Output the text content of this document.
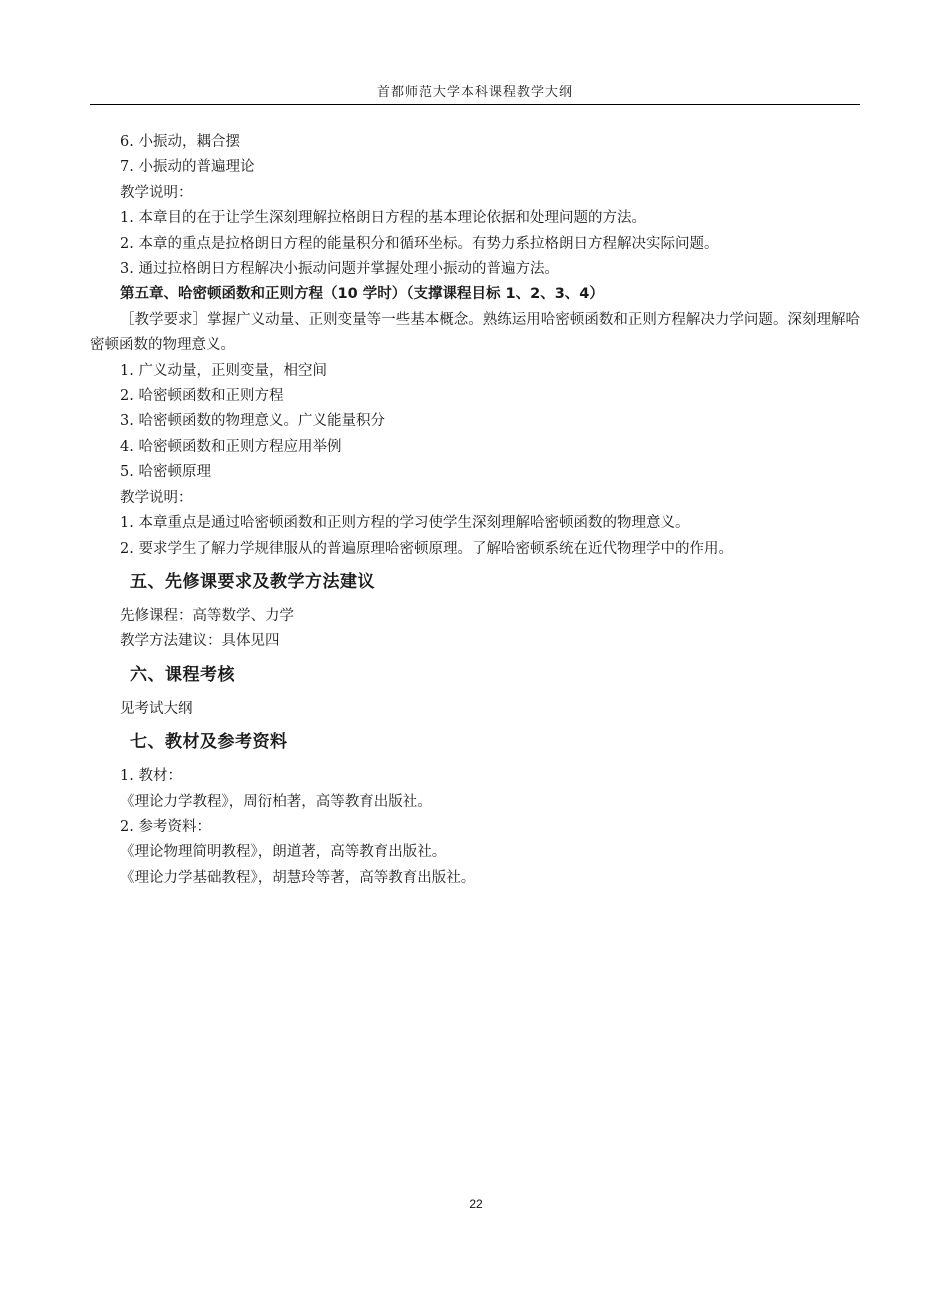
首都师范大学本科课程教学大纲
6. 小振动，耦合摆
7. 小振动的普遍理论
教学说明：
1. 本章目的在于让学生深刻理解拉格朗日方程的基本理论依据和处理问题的方法。
2. 本章的重点是拉格朗日方程的能量积分和循环坐标。有势力系拉格朗日方程解决实际问题。
3. 通过拉格朗日方程解决小振动问题并掌握处理小振动的普遍方法。
第五章、哈密顿函数和正则方程（10 学时）（支撑课程目标 1、2、3、4）

［教学要求］掌握广义动量、正则变量等一些基本概念。熟练运用哈密顿函数和正则方程解决力学问题。深刻理解哈密顿函数的物理意义。

1. 广义动量，正则变量，相空间
2. 哈密顿函数和正则方程
3. 哈密顿函数的物理意义。广义能量积分
4. 哈密顿函数和正则方程应用举例
5. 哈密顿原理
教学说明：
1. 本章重点是通过哈密顿函数和正则方程的学习使学生深刻理解哈密顿函数的物理意义。
2. 要求学生了解力学规律服从的普遍原理哈密顿原理。了解哈密顿系统在近代物理学中的作用。
五、先修课要求及教学方法建议
先修课程：高等数学、力学
教学方法建议：具体见四
六、课程考核
见考试大纲
七、教材及参考资料
1. 教材：
《理论力学教程》，周衍柏著，高等教育出版社。
2. 参考资料：
《理论物理简明教程》，朗道著，高等教育出版社。
《理论力学基础教程》，胡慧玲等著，高等教育出版社。
22
